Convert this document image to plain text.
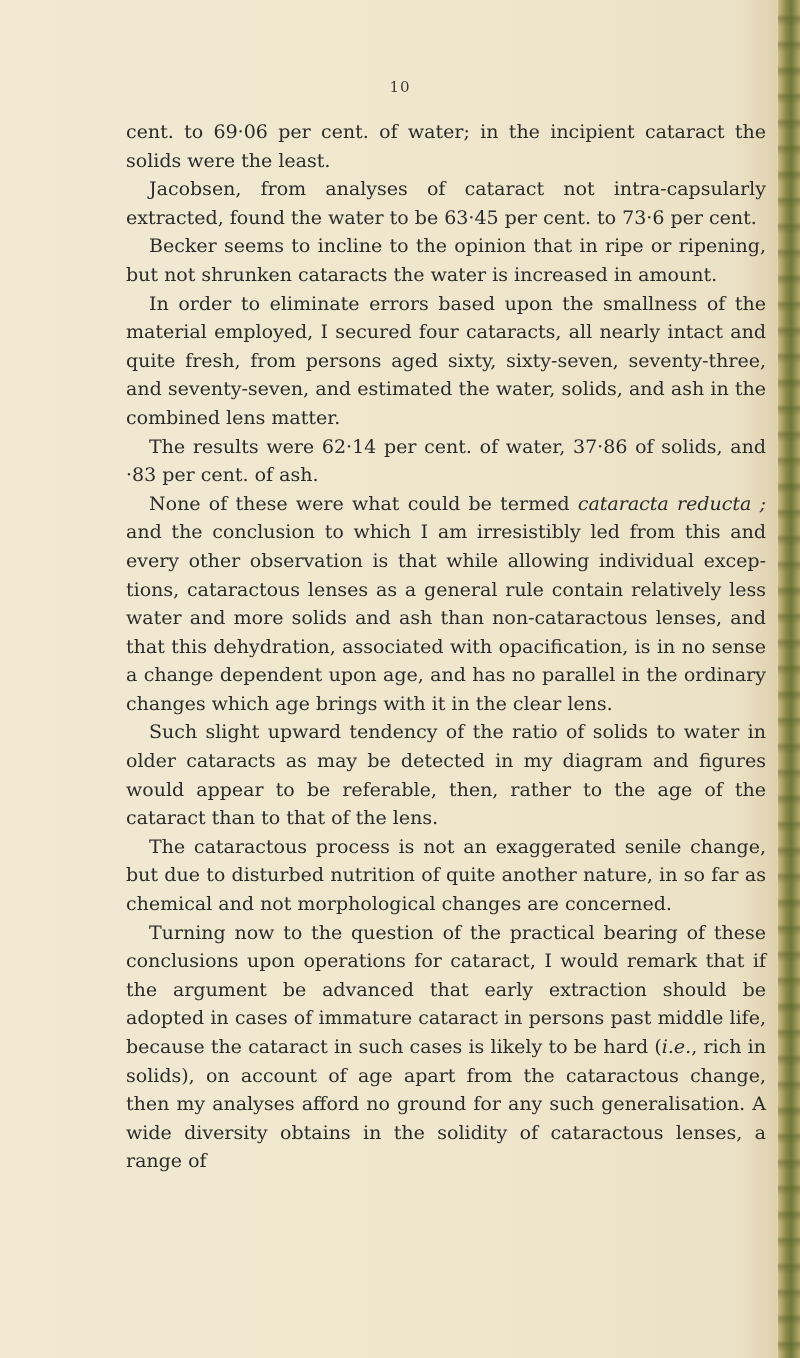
10

cent. to 69·06 per cent. of water; in the incipient cataract the solids were the least.

Jacobsen, from analyses of cataract not intra-capsularly extracted, found the water to be 63·45 per cent. to 73·6 per cent.

Becker seems to incline to the opinion that in ripe or ripening, but not shrunken cataracts the water is increased in amount.

In order to eliminate errors based upon the smallness of the material employed, I secured four cataracts, all nearly intact and quite fresh, from persons aged sixty, sixty-seven, seventy-three, and seventy-seven, and estimated the water, solids, and ash in the combined lens matter.

The results were 62·14 per cent. of water, 37·86 of solids, and ·83 per cent. of ash.

None of these were what could be termed cataracta reducta ; and the conclusion to which I am irresistibly led from this and every other observation is that while allowing individual excep- tions, cataractous lenses as a general rule contain relatively less water and more solids and ash than non-cataractous lenses, and that this dehydration, associated with opacification, is in no sense a change dependent upon age, and has no parallel in the ordinary changes which age brings with it in the clear lens.

Such slight upward tendency of the ratio of solids to water in older cataracts as may be detected in my diagram and figures would appear to be referable, then, rather to the age of the cataract than to that of the lens.

The cataractous process is not an exaggerated senile change, but due to disturbed nutrition of quite another nature, in so far as chemical and not morphological changes are concerned.

Turning now to the question of the practical bearing of these conclusions upon operations for cataract, I would remark that if the argument be advanced that early extraction should be adopted in cases of immature cataract in persons past middle life, because the cataract in such cases is likely to be hard (i.e., rich in solids), on account of age apart from the cataractous change, then my analyses afford no ground for any such generalisation. A wide diversity obtains in the solidity of cataractous lenses, a range of
